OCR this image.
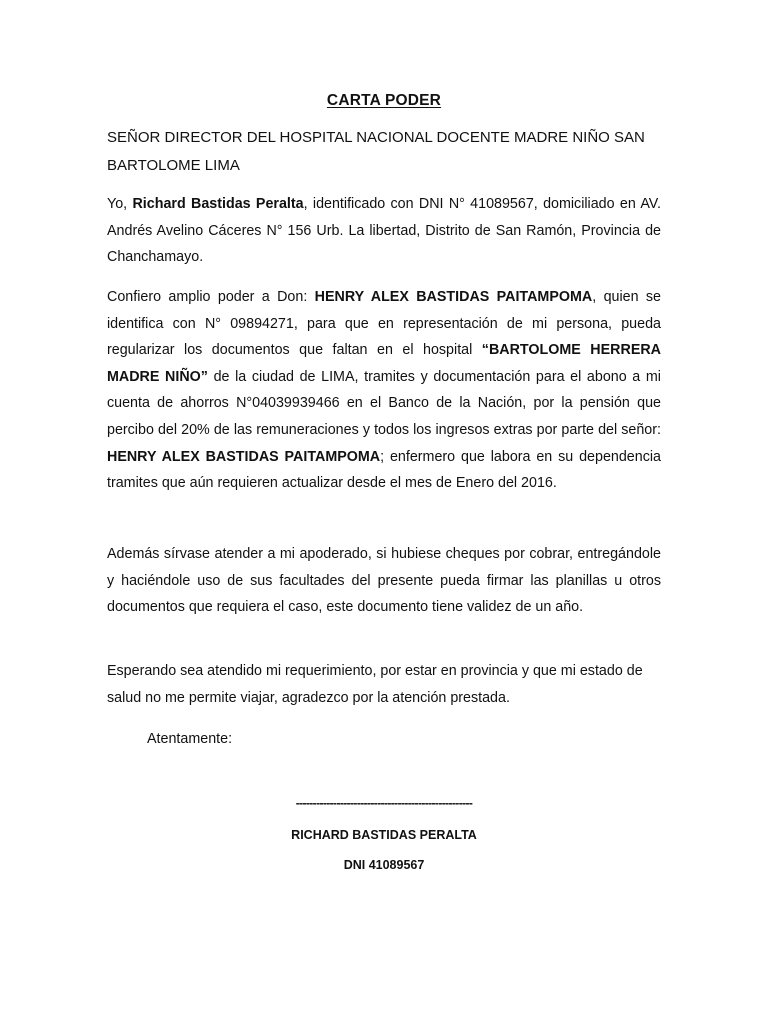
CARTA PODER

SEÑOR DIRECTOR DEL HOSPITAL NACIONAL DOCENTE MADRE NIÑO SAN BARTOLOME LIMA

Yo, Richard Bastidas Peralta, identificado con DNI N° 41089567, domiciliado en AV. Andrés Avelino Cáceres N° 156 Urb. La libertad, Distrito de San Ramón, Provincia de Chanchamayo.

Confiero amplio poder a Don: HENRY ALEX BASTIDAS PAITAMPOMA, quien se identifica con N° 09894271, para que en representación de mi persona, pueda regularizar los documentos que faltan en el hospital “BARTOLOME HERRERA MADRE NIÑO” de la ciudad de LIMA, tramites y documentación para el abono a mi cuenta de ahorros N°04039939466 en el Banco de la Nación, por la pensión que percibo del 20% de las remuneraciones y todos los ingresos extras por parte del señor: HENRY ALEX BASTIDAS PAITAMPOMA; enfermero que labora en su dependencia tramites que aún requieren actualizar desde el mes de Enero del 2016.

Además sírvase atender a mi apoderado, si hubiese cheques por cobrar, entregándole y haciéndole uso de sus facultades del presente pueda firmar las planillas u otros documentos que requiera el caso, este documento tiene validez de un año.

Esperando sea atendido mi requerimiento, por estar en provincia y que mi estado de salud no me permite viajar, agradezco por la atención prestada.

Atentamente:
----------------------------------------------------
RICHARD BASTIDAS PERALTA
DNI 41089567
